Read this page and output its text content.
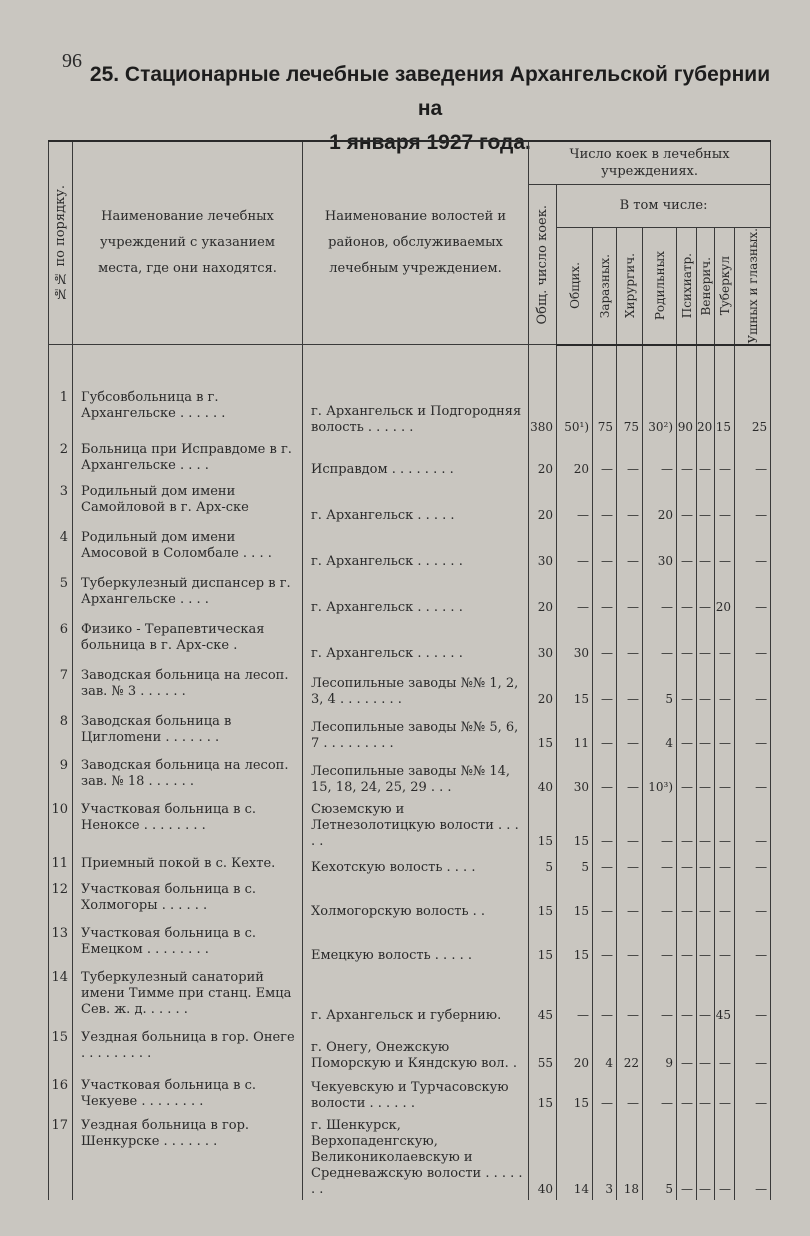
96
25. Стационарные лечебные заведения Архангельской губернии на
1 января 1927 года.
№№ по порядку.	Наименование лечебных учреждений с указанием места, где они находятся.	Наименование волостей и районов, обслуживаемых лечебным учреждением.	Число коек в лечебных учреждениях.								

			Общ. число коек.	В том числе:							

				Общих.	Заразных.	Хирургич.	Родильных	Психиатр.	Венерич.	Туберкул	Ушных и глазных.

1	Губсовбольница в г. Архангельске . . . . . .	г. Архангельск и Подгородняя волость . . . . . .	380	50¹)	75	75	30²)	90	20	15	25
2	Больница при Исправдоме в г. Архангельске . . . .	Исправдом . . . . . . . .	20	20	—	—	—	—	—	—	—
3	Родильный дом имени Самойловой в г. Арх-ске	г. Архангельск . . . . .	20	—	—	—	20	—	—	—	—
4	Родильный дом имени Амосовой в Соломбале . . . .	г. Архангельск . . . . . .	30	—	—	—	30	—	—	—	—
5	Туберкулезный диспансер в г. Архангельске . . . .	г. Архангельск . . . . . .	20	—	—	—	—	—	—	20	—
6	Физико - Терапевтическая больница в г. Арх-ске .	г. Архангельск . . . . . .	30	30	—	—	—	—	—	—	—
7	Заводская больница на лесоп. зав. № 3 . . . . . .	Лесопильные заводы №№ 1, 2, 3, 4 . . . . . . . .	20	15	—	—	5	—	—	—	—
8	Заводская больница в Циглomени . . . . . . .	Лесопильные заводы №№ 5, 6, 7 . . . . . . . . .	15	11	—	—	4	—	—	—	—
9	Заводская больница на лесоп. зав. № 18 . . . . . .	Лесопильные заводы №№ 14, 15, 18, 24, 25, 29 . . .	40	30	—	—	10³)	—	—	—	—
10	Участковая больница в с. Ненокcе . . . . . . . .	Сюземскую и Летнезолотицкую волости . . . . .	15	15	—	—	—	—	—	—	—
11	Приемный покой в с. Кехте.	Кехотскую волость . . . .	5	5	—	—	—	—	—	—	—
12	Участковая больница в с. Холмогоры . . . . . .	Холмогорскую волость . .	15	15	—	—	—	—	—	—	—
13	Участковая больница в с. Емецком . . . . . . . .	Емецкую волость . . . . .	15	15	—	—	—	—	—	—	—
14	Туберкулезный санаторий имени Тимме при станц. Емца Сев. ж. д. . . . . .	г. Архангельск и губернию.	45	—	—	—	—	—	—	45	—
15	Уездная больница в гор. Онеге . . . . . . . . .	г. Онегу, Онежскую Поморскую и Кяндскую вол. .	55	20	4	22	9	—	—	—	—
16	Участковая больница в с. Чекуеве . . . . . . . .	Чекуевскую и Турчасовскую волости . . . . . .	15	15	—	—	—	—	—	—	—
17	Уездная больница в гор. Шенкурске . . . . . . .	г. Шенкурск, Верхопаденгскую, Великониколаевскую и Средневажскую волости . . . . . . .	40	14	3	18	5	—	—	—	—
